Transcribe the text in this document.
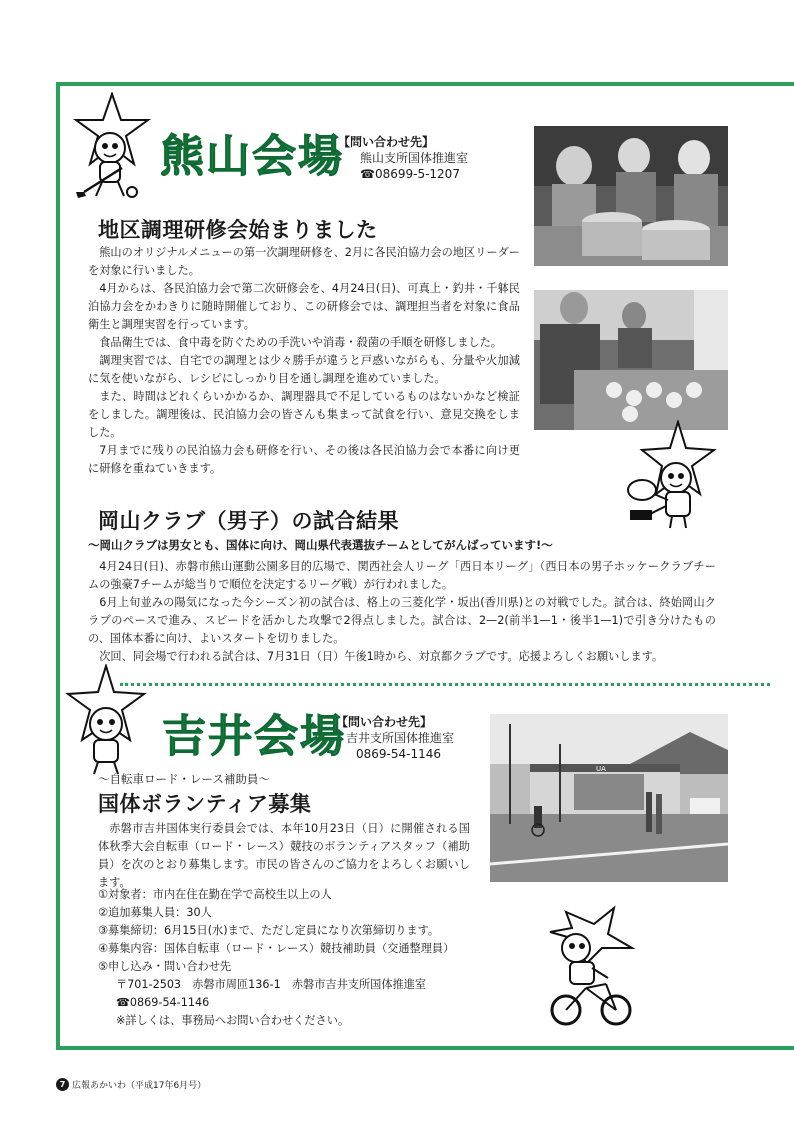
熊山会場
【問い合わせ先】
熊山支所国体推進室
☎08699-5-1207
地区調理研修会始まりました

熊山のオリジナルメニューの第一次調理研修を、2月に各民泊協力会の地区リーダーを対象に行いました。

4月からは、各民泊協力会で第二次研修会を、4月24日(日)、可真上・釣井・千躰民泊協力会をかわきりに随時開催しており、この研修会では、調理担当者を対象に食品衛生と調理実習を行っています。

食品衛生では、食中毒を防ぐための手洗いや消毒・殺菌の手順を研修しました。

調理実習では、自宅での調理とは少々勝手が違うと戸惑いながらも、分量や火加減に気を使いながら、レシピにしっかり目を通し調理を進めていました。

また、時間はどれくらいかかるか、調理器具で不足しているものはないかなど検証をしました。調理後は、民泊協力会の皆さんも集まって試食を行い、意見交換をしました。

7月までに残りの民泊協力会も研修を行い、その後は各民泊協力会で本番に向け更に研修を重ねていきます。

岡山クラブ（男子）の試合結果
〜岡山クラブは男女とも、国体に向け、岡山県代表選抜チームとしてがんばっています!〜

4月24日(日)、赤磐市熊山運動公園多目的広場で、関西社会人リーグ「西日本リーグ」（西日本の男子ホッケークラブチームの強豪7チームが総当りで順位を決定するリーグ戦）が行われました。

6月上旬並みの陽気になった今シーズン初の試合は、格上の三菱化学・坂出(香川県)との対戦でした。試合は、終始岡山クラブのペースで進み、スピードを活かした攻撃で2得点しました。試合は、2—2(前半1—1・後半1—1)で引き分けたものの、国体本番に向け、よいスタートを切りました。

次回、同会場で行われる試合は、7月31日（日）午後1時から、対京都クラブです。応援よろしくお願いします。

吉井会場
【問い合わせ先】
吉井支所国体推進室
0869-54-1146
UA
〜自転車ロード・レース補助員〜
国体ボランティア募集

赤磐市吉井国体実行委員会では、本年10月23日（日）に開催される国体秋季大会自転車（ロード・レース）競技のボランティアスタッフ（補助員）を次のとおり募集します。市民の皆さんのご協力をよろしくお願いします。

①対象者：市内在住在勤在学で高校生以上の人
②追加募集人員：30人
③募集締切：6月15日(水)まで、ただし定員になり次第締切ります。
④募集内容：国体自転車（ロード・レース）競技補助員（交通整理員）
⑤申し込み・問い合わせ先
〒701-2503　赤磐市周匝136-1　赤磐市吉井支所国体推進室
☎0869-54-1146
※詳しくは、事務局へお問い合わせください。
7 広報あかいわ（平成17年6月号）
